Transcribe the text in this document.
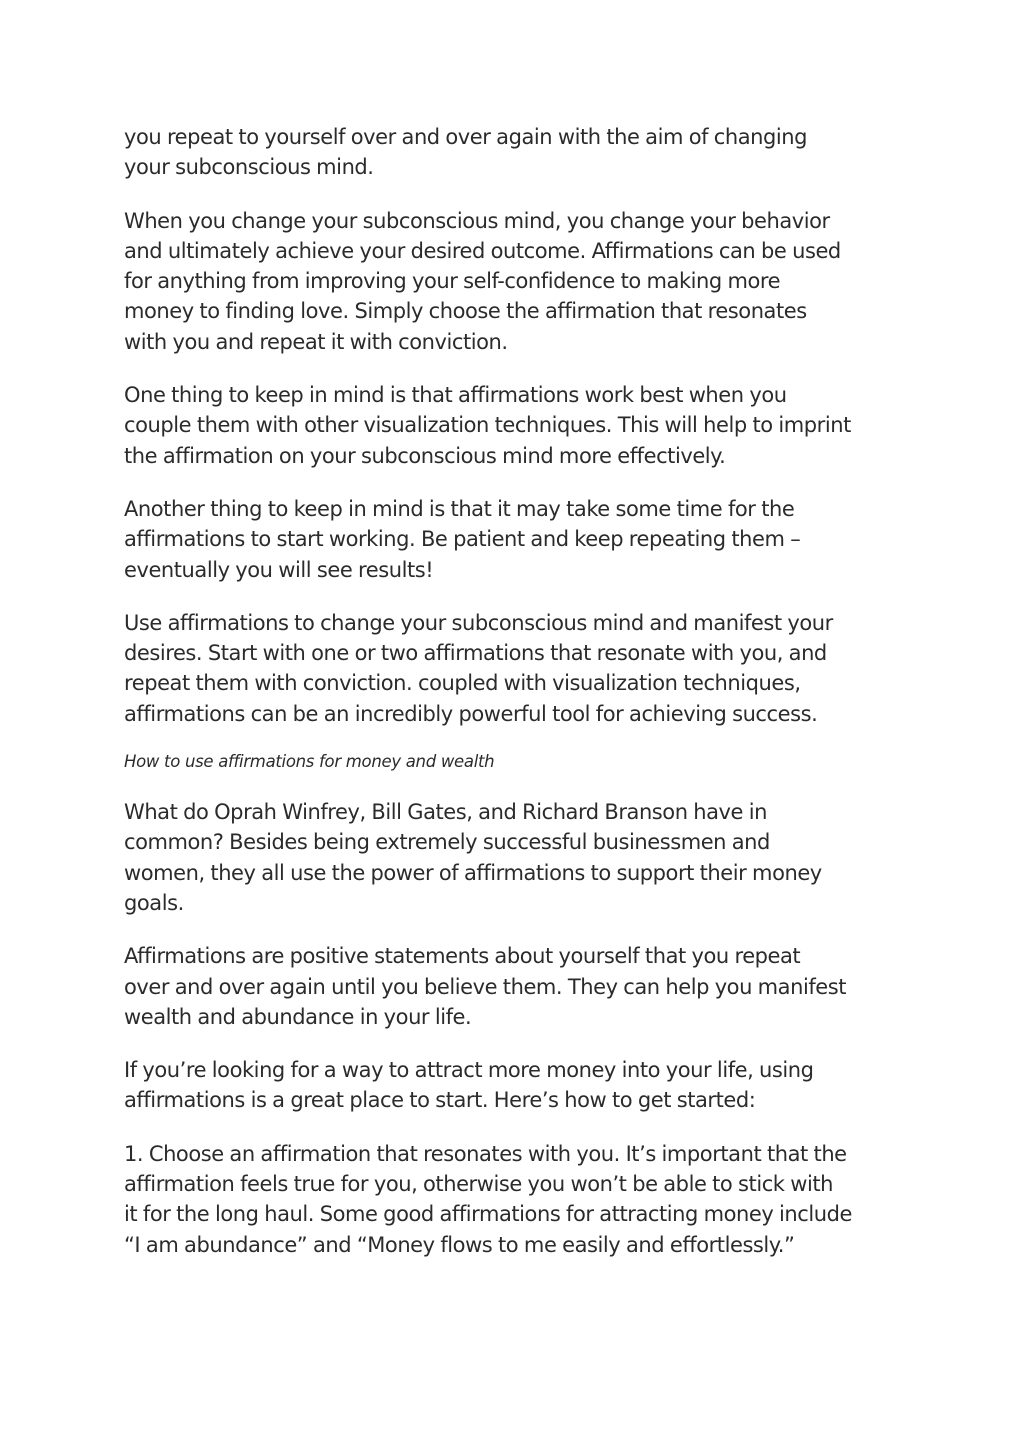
you repeat to yourself over and over again with the aim of changing
your subconscious mind.

When you change your subconscious mind, you change your behavior
and ultimately achieve your desired outcome. Affirmations can be used
for anything from improving your self-confidence to making more
money to finding love. Simply choose the affirmation that resonates
with you and repeat it with conviction.

One thing to keep in mind is that affirmations work best when you
couple them with other visualization techniques. This will help to imprint
the affirmation on your subconscious mind more effectively.

Another thing to keep in mind is that it may take some time for the
affirmations to start working. Be patient and keep repeating them –
eventually you will see results!

Use affirmations to change your subconscious mind and manifest your
desires. Start with one or two affirmations that resonate with you, and
repeat them with conviction. coupled with visualization techniques,
affirmations can be an incredibly powerful tool for achieving success.

How to use affirmations for money and wealth

What do Oprah Winfrey, Bill Gates, and Richard Branson have in
common? Besides being extremely successful businessmen and
women, they all use the power of affirmations to support their money
goals.

Affirmations are positive statements about yourself that you repeat
over and over again until you believe them. They can help you manifest
wealth and abundance in your life.

If you’re looking for a way to attract more money into your life, using
affirmations is a great place to start. Here’s how to get started:

1. Choose an affirmation that resonates with you. It’s important that the
affirmation feels true for you, otherwise you won’t be able to stick with
it for the long haul. Some good affirmations for attracting money include
“I am abundance” and “Money flows to me easily and effortlessly.”
